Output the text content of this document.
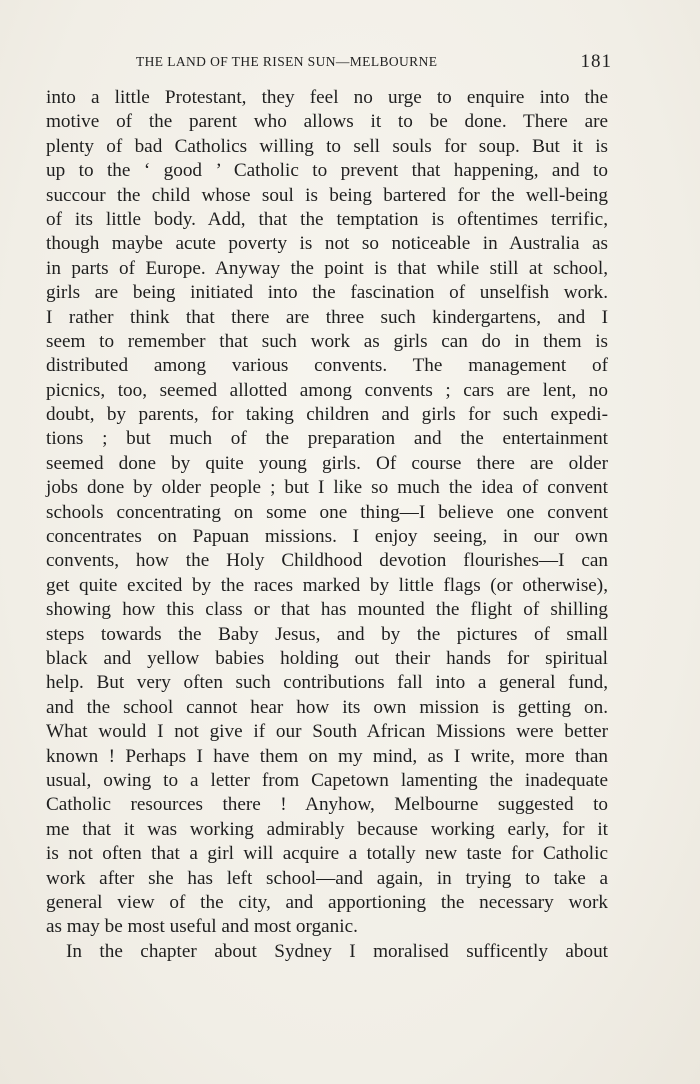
THE LAND OF THE RISEN SUN—MELBOURNE	181
into a little Protestant, they feel no urge to enquire into the
motive of the parent who allows it to be done. There are
plenty of bad Catholics willing to sell souls for soup. But it is
up to the ‘ good ’ Catholic to prevent that happening, and to
succour the child whose soul is being bartered for the well-being
of its little body. Add, that the temptation is oftentimes terrific,
though maybe acute poverty is not so noticeable in Australia as
in parts of Europe. Anyway the point is that while still at school,
girls are being initiated into the fascination of unselfish work.
I rather think that there are three such kindergartens, and I
seem to remember that such work as girls can do in them is
distributed among various convents. The management of
picnics, too, seemed allotted among convents ; cars are lent, no
doubt, by parents, for taking children and girls for such expedi-
tions ; but much of the preparation and the entertainment
seemed done by quite young girls. Of course there are older
jobs done by older people ; but I like so much the idea of convent
schools concentrating on some one thing—I believe one convent
concentrates on Papuan missions. I enjoy seeing, in our own
convents, how the Holy Childhood devotion flourishes—I can
get quite excited by the races marked by little flags (or otherwise),
showing how this class or that has mounted the flight of shilling
steps towards the Baby Jesus, and by the pictures of small
black and yellow babies holding out their hands for spiritual
help. But very often such contributions fall into a general fund,
and the school cannot hear how its own mission is getting on.
What would I not give if our South African Missions were better
known ! Perhaps I have them on my mind, as I write, more than
usual, owing to a letter from Capetown lamenting the inadequate
Catholic resources there ! Anyhow, Melbourne suggested to
me that it was working admirably because working early, for it
is not often that a girl will acquire a totally new taste for Catholic
work after she has left school—and again, in trying to take a
general view of the city, and apportioning the necessary work
as may be most useful and most organic.
In the chapter about Sydney I moralised sufficently about
